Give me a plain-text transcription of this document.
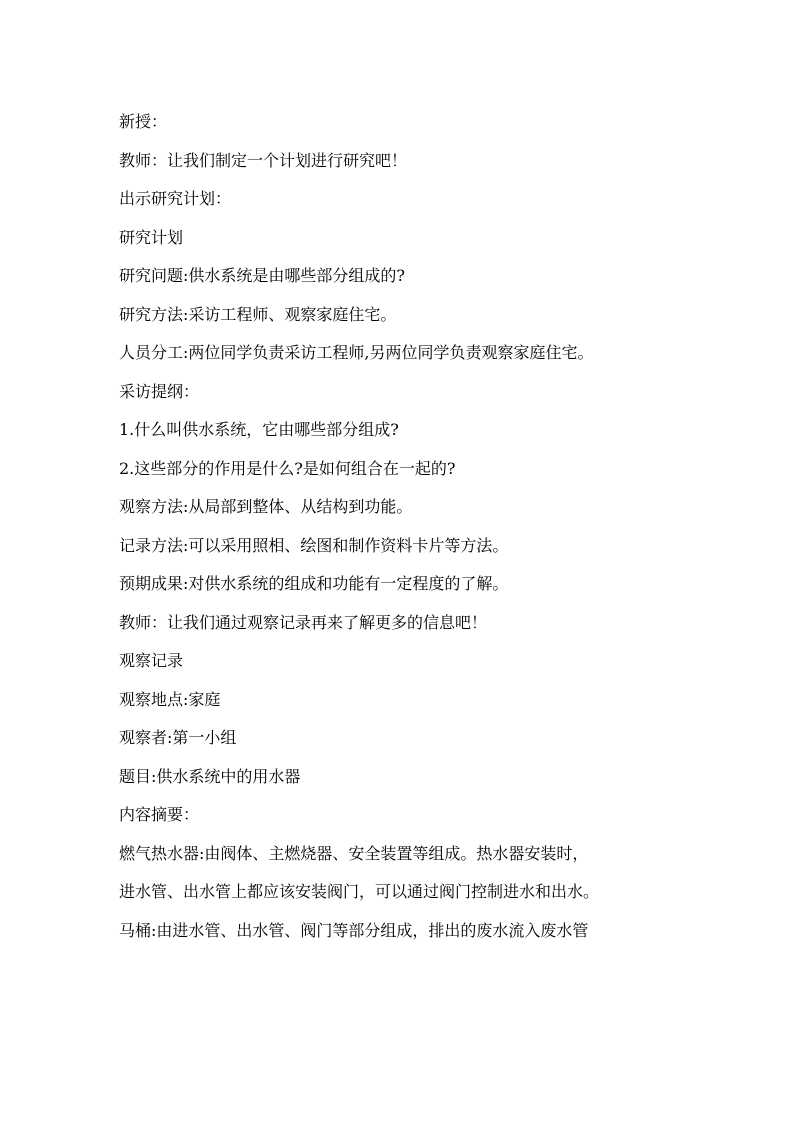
新授：
教师：让我们制定一个计划进行研究吧！
出示研究计划：
研究计划
研究问题:供水系统是由哪些部分组成的?
研究方法:采访工程师、观察家庭住宅。
人员分工:两位同学负责采访工程师,另两位同学负责观察家庭住宅。
采访提纲：
1.什么叫供水系统，它由哪些部分组成?
2.这些部分的作用是什么?是如何组合在一起的?
观察方法:从局部到整体、从结构到功能。
记录方法:可以采用照相、绘图和制作资料卡片等方法。
预期成果:对供水系统的组成和功能有一定程度的了解。
教师：让我们通过观察记录再来了解更多的信息吧！
观察记录
观察地点:家庭
观察者:第一小组
题目:供水系统中的用水器
内容摘要：
燃气热水器:由阀体、主燃烧器、安全装置等组成。热水器安装时，
进水管、出水管上都应该安装阀门，可以通过阀门控制进水和出水。
马桶:由进水管、出水管、阀门等部分组成，排出的废水流入废水管
